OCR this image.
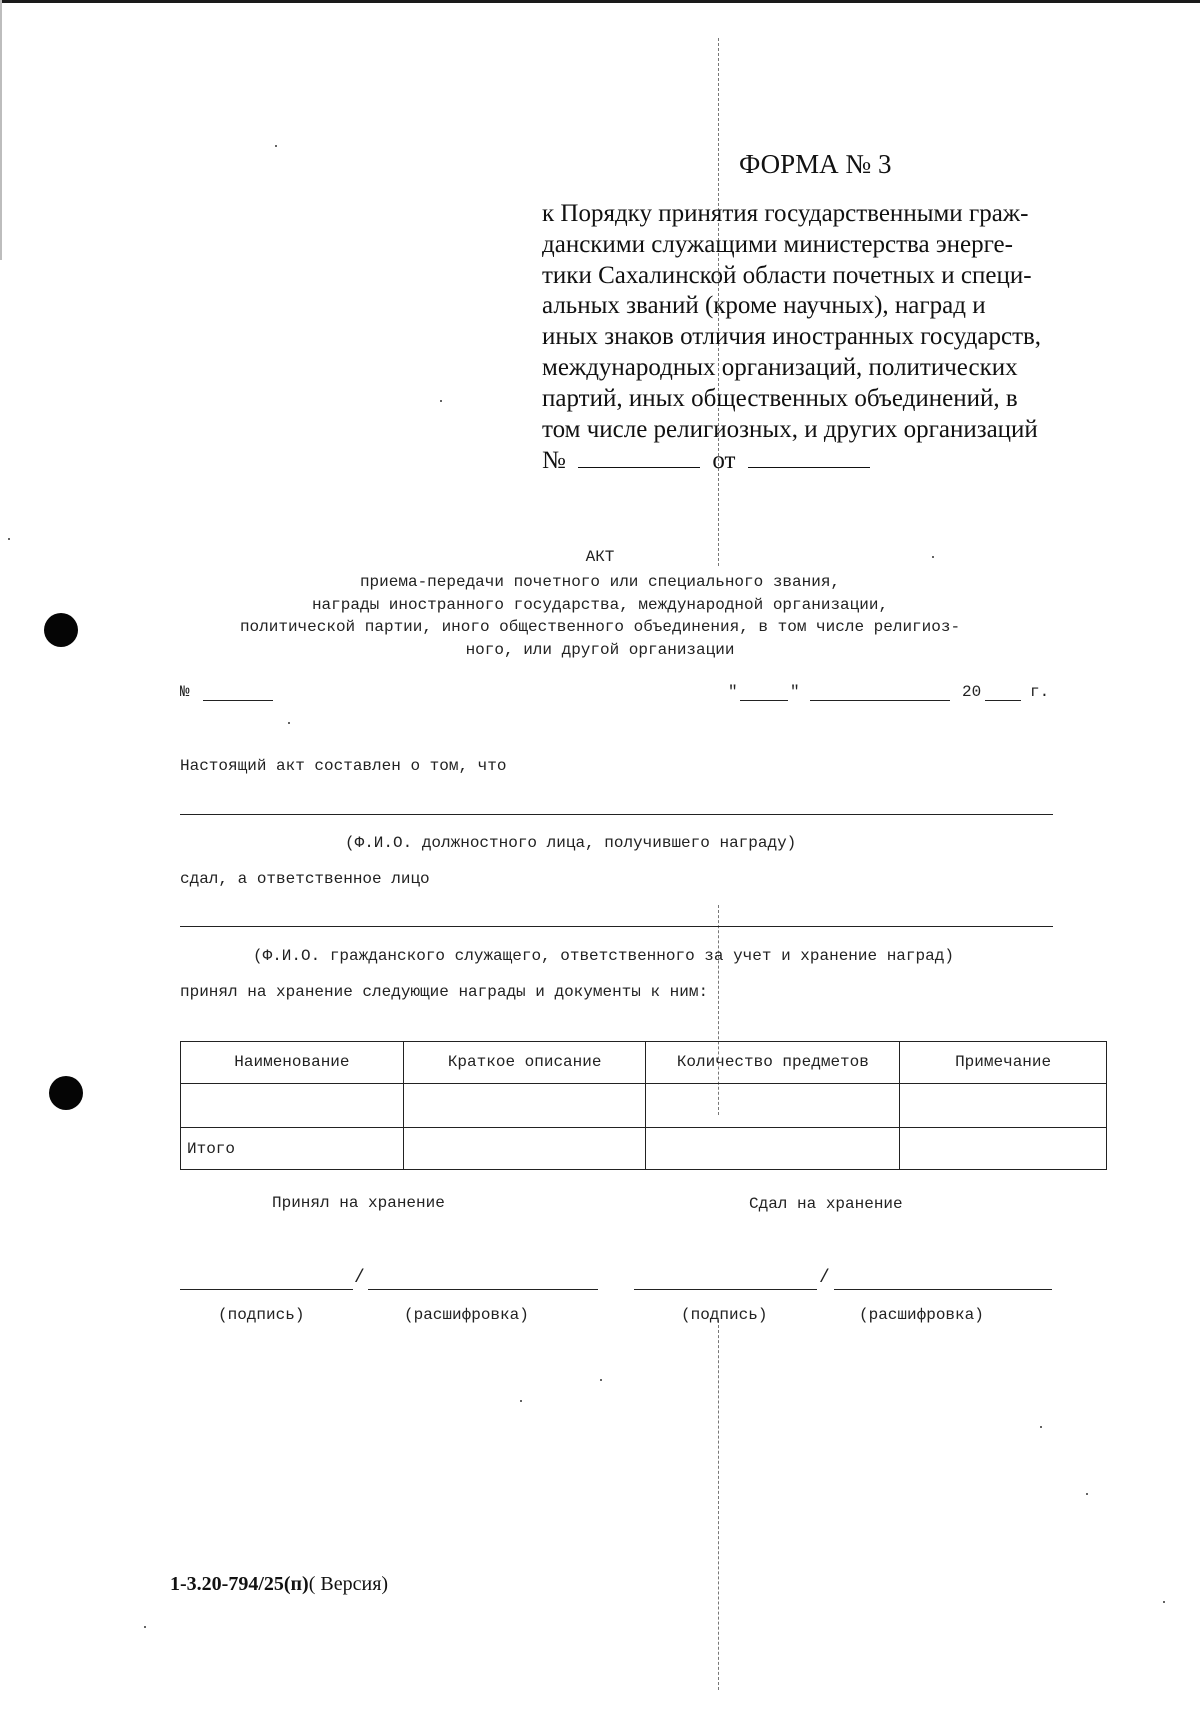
ФОРМА № 3
к Порядку принятия государственными граж-
данскими служащими министерства энерге-
тики Сахалинской области почетных и специ-
альных званий (кроме научных), наград и
иных знаков отличия иностранных государств,
международных организаций, политических
партий, иных общественных объединений, в
том числе религиозных, и других организаций
№	от
АКТ
приема-передачи почетного или специального звания,
награды иностранного государства, международной организации,
политической партии, иного общественного объединения, в том числе религиоз-
ного, или другой организации
№	"	"	20	г.
Настоящий акт составлен о том, что
(Ф.И.О. должностного лица, получившего награду)
сдал, а ответственное лицо
(Ф.И.О. гражданского служащего, ответственного за учет и хранение наград)
принял на хранение следующие награды и документы к ним:
Наименование	Краткое описание	Количество предметов	Примечание

Итого			
Принял на хранение	Сдал на хранение
/
(подпись)	(расшифровка)
/
(подпись)	(расшифровка)
1-3.20-794/25(п)( Версия)
